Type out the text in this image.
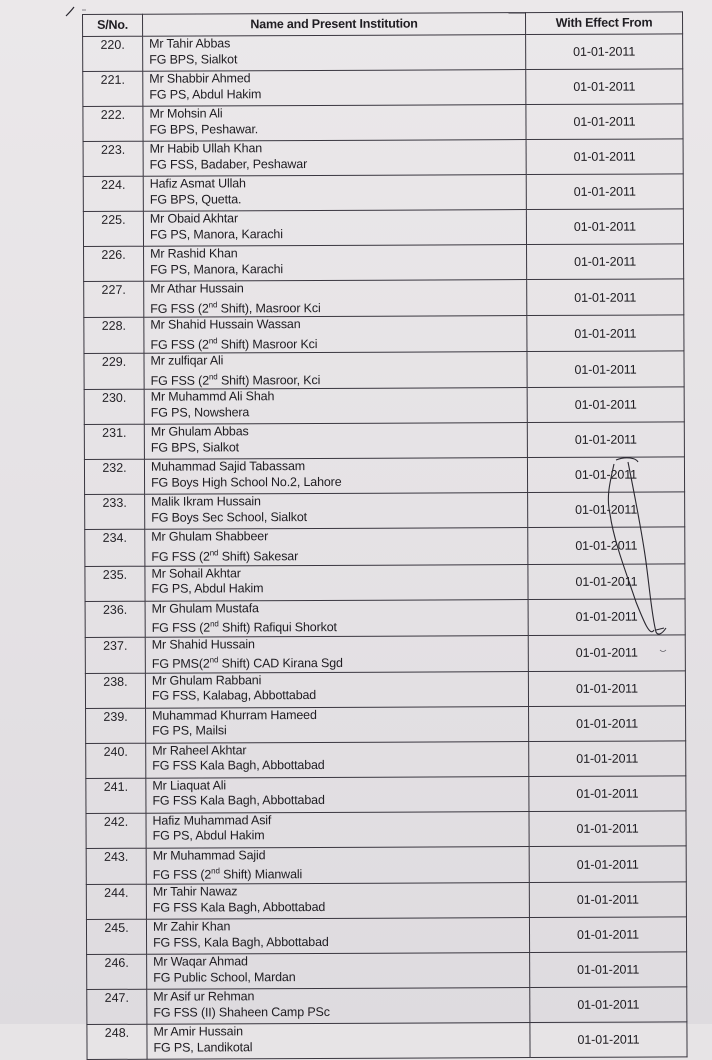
S/No.	Name and Present Institution	With Effect From
220.	Mr Tahir Abbas
FG BPS, Sialkot	01-01-2011
221.	Mr Shabbir Ahmed
FG PS, Abdul Hakim	01-01-2011
222.	Mr Mohsin Ali
FG BPS, Peshawar.	01-01-2011
223.	Mr Habib Ullah Khan
FG FSS, Badaber, Peshawar	01-01-2011
224.	Hafiz Asmat Ullah
FG BPS, Quetta.	01-01-2011
225.	Mr Obaid Akhtar
FG PS, Manora, Karachi	01-01-2011
226.	Mr Rashid Khan
FG PS, Manora, Karachi	01-01-2011
227.	Mr Athar Hussain
FG FSS (2nd Shift), Masroor Kci	01-01-2011
228.	Mr Shahid Hussain Wassan
FG FSS (2nd Shift) Masroor Kci	01-01-2011
229.	Mr zulfiqar Ali
FG FSS (2nd Shift) Masroor, Kci	01-01-2011
230.	Mr Muhammd Ali Shah
FG PS, Nowshera	01-01-2011
231.	Mr Ghulam Abbas
FG BPS, Sialkot	01-01-2011
232.	Muhammad Sajid Tabassam
FG Boys High School No.2, Lahore	01-01-2011
233.	Malik Ikram Hussain
FG Boys Sec School, Sialkot	01-01-2011
234.	Mr Ghulam Shabbeer
FG FSS (2nd Shift) Sakesar	01-01-2011
235.	Mr Sohail Akhtar
FG PS, Abdul Hakim	01-01-2011
236.	Mr Ghulam Mustafa
FG FSS (2nd Shift) Rafiqui Shorkot	01-01-2011
237.	Mr Shahid Hussain
FG PMS(2nd Shift) CAD Kirana Sgd	01-01-2011
238.	Mr Ghulam Rabbani
FG FSS, Kalabag, Abbottabad	01-01-2011
239.	Muhammad Khurram Hameed
FG PS, Mailsi	01-01-2011
240.	Mr Raheel Akhtar
FG FSS Kala Bagh, Abbottabad	01-01-2011
241.	Mr Liaquat Ali
FG FSS Kala Bagh, Abbottabad	01-01-2011
242.	Hafiz Muhammad Asif
FG PS, Abdul Hakim	01-01-2011
243.	Mr Muhammad Sajid
FG FSS (2nd Shift) Mianwali	01-01-2011
244.	Mr Tahir Nawaz
FG FSS Kala Bagh, Abbottabad	01-01-2011
245.	Mr Zahir Khan
FG FSS, Kala Bagh, Abbottabad	01-01-2011
246.	Mr Waqar Ahmad
FG Public School, Mardan	01-01-2011
247.	Mr Asif ur Rehman
FG FSS (II) Shaheen Camp PSc	01-01-2011
248.	Mr Amir Hussain
FG PS, Landikotal	01-01-2011
